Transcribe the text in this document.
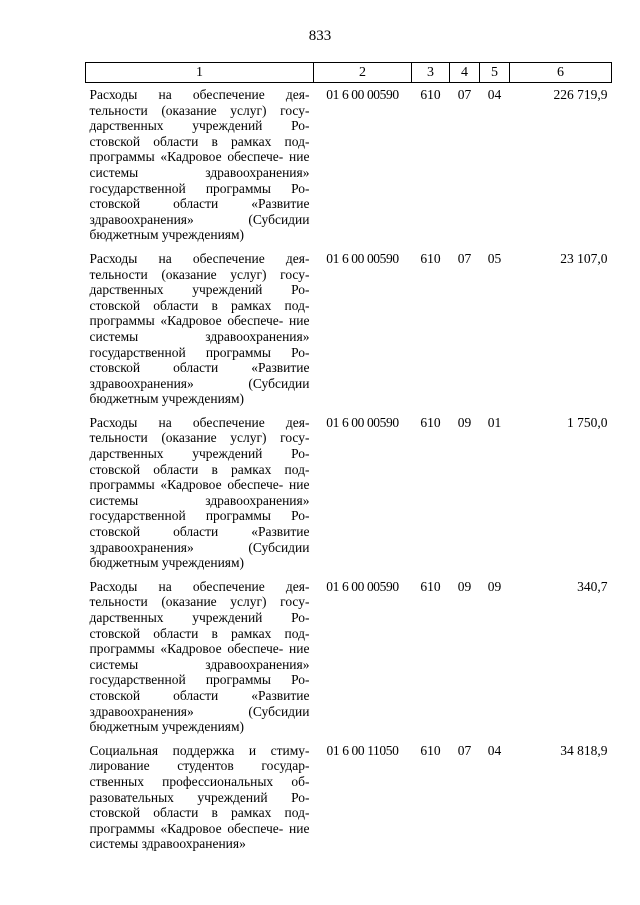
833
1	2	3	4	5	6
Расходы на обеспечение дея- тельности (оказание услуг) госу- дарственных учреждений Ро- стовской области в рамках под- программы «Кадровое обеспече- ние системы здравоохранения» государственной программы Ро- стовской области «Развитие здравоохранения» (Субсидии бюджетным учреждениям)	01 6 00 00590	610	07	04	226 719,9
Расходы на обеспечение дея- тельности (оказание услуг) госу- дарственных учреждений Ро- стовской области в рамках под- программы «Кадровое обеспече- ние системы здравоохранения» государственной программы Ро- стовской области «Развитие здравоохранения» (Субсидии бюджетным учреждениям)	01 6 00 00590	610	07	05	23 107,0
Расходы на обеспечение дея- тельности (оказание услуг) госу- дарственных учреждений Ро- стовской области в рамках под- программы «Кадровое обеспече- ние системы здравоохранения» государственной программы Ро- стовской области «Развитие здравоохранения» (Субсидии бюджетным учреждениям)	01 6 00 00590	610	09	01	1 750,0
Расходы на обеспечение дея- тельности (оказание услуг) госу- дарственных учреждений Ро- стовской области в рамках под- программы «Кадровое обеспече- ние системы здравоохранения» государственной программы Ро- стовской области «Развитие здравоохранения» (Субсидии бюджетным учреждениям)	01 6 00 00590	610	09	09	340,7
Социальная поддержка и стиму- лирование студентов государ- ственных профессиональных об- разовательных учреждений Ро- стовской области в рамках под- программы «Кадровое обеспече- ние системы здравоохранения»	01 6 00 11050	610	07	04	34 818,9
